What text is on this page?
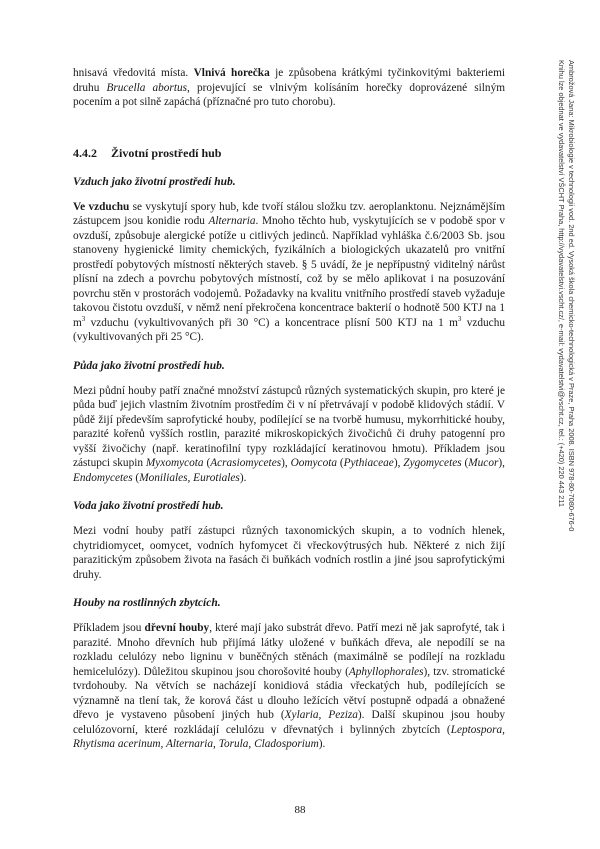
hnisavá vředovitá místa. Vlnivá horečka je způsobena krátkými tyčinkovitými bakteriemi druhu Brucella abortus, projevující se vlnivým kolísáním horečky doprovázené silným pocením a pot silně zapáchá (příznačné pro tuto chorobu).

4.4.2 Životní prostředí hub
Vzduch jako životní prostředí hub.

Ve vzduchu se vyskytují spory hub, kde tvoří stálou složku tzv. aeroplanktonu. Nejznámějším zástupcem jsou konidie rodu Alternaria. Mnoho těchto hub, vyskytujících se v podobě spor v ovzduší, způsobuje alergické potíže u citlivých jedinců. Například vyhláška č.6/2003 Sb. jsou stanoveny hygienické limity chemických, fyzikálních a biologických ukazatelů pro vnitřní prostředí pobytových místností některých staveb. § 5 uvádí, že je nepřípustný viditelný nárůst plísní na zdech a povrchu pobytových místností, což by se mělo aplikovat i na posuzování povrchu stěn v prostorách vodojemů. Požadavky na kvalitu vnitřního prostředí staveb vyžaduje takovou čistotu ovzduší, v němž není překročena koncentrace bakterií o hodnotě 500 KTJ na 1 $m^3$ vzduchu (vykultivovaných při 30 °C) a koncentrace plísní 500 KTJ na 1 $m^3$ vzduchu (vykultivovaných při 25 °C).

Půda jako životní prostředí hub.

Mezi půdní houby patří značné množství zástupců různých systematických skupin, pro které je půda buď jejich vlastním životním prostředím či v ní přetrvávají v podobě klidových stádií. V půdě žijí především saprofytické houby, podílející se na tvorbě humusu, mykorrhitické houby, parazité kořenů vyšších rostlin, parazité mikroskopických živočichů či druhy patogenní pro vyšší živočichy (např. keratinofilní typy rozkládající keratinovou hmotu). Příkladem jsou zástupci skupin Myxomycota (Acrasiomycetes), Oomycota (Pythiaceae), Zygomycetes (Mucor), Endomycetes (Moniliales, Eurotiales).

Voda jako životní prostředí hub.

Mezi vodní houby patří zástupci různých taxonomických skupin, a to vodních hlenek, chytridiomycet, oomycet, vodních hyfomycet či vřeckovýtrusých hub. Některé z nich žijí parazitickým způsobem života na řasách či buňkách vodních rostlin a jiné jsou saprofytickými druhy.

Houby na rostlinných zbytcích.

Příkladem jsou dřevní houby, které mají jako substrát dřevo. Patří mezi ně jak saprofyté, tak i parazité. Mnoho dřevních hub přijímá látky uložené v buňkách dřeva, ale nepodílí se na rozkladu celulózy nebo ligninu v buněčných stěnách (maximálně se podílejí na rozkladu hemicelulózy). Důležitou skupinou jsou chorošovité houby (Aphyllophorales), tzv. stromatické tvrdohouby. Na větvích se nacházejí konidiová stádia vřeckatých hub, podílejících se významně na tlení tak, že korová část u dlouho ležících větví postupně odpadá a obnažené dřevo je vystaveno působení jiných hub (Xylaria, Peziza). Další skupinou jsou houby celulózovorní, které rozkládají celulózu v dřevnatých i bylinných zbytcích (Leptospora, Rhytisma acerinum, Alternaria, Torula, Cladosporium).

Ambrožová Jana: Mikrobiologie v technologii vod. 2nd ed. Vysoká škola chemicko-technologická v Praze, Praha 2008. ISBN 978-80-7080-676-0
Knihu lze objednat ve vydavatelství VŠCHT Praha, http://vydavatelstvi.vscht.cz/, e-mail: vydavatelstvi@vscht.cz, tel.: (+420) 220 443 211
88
